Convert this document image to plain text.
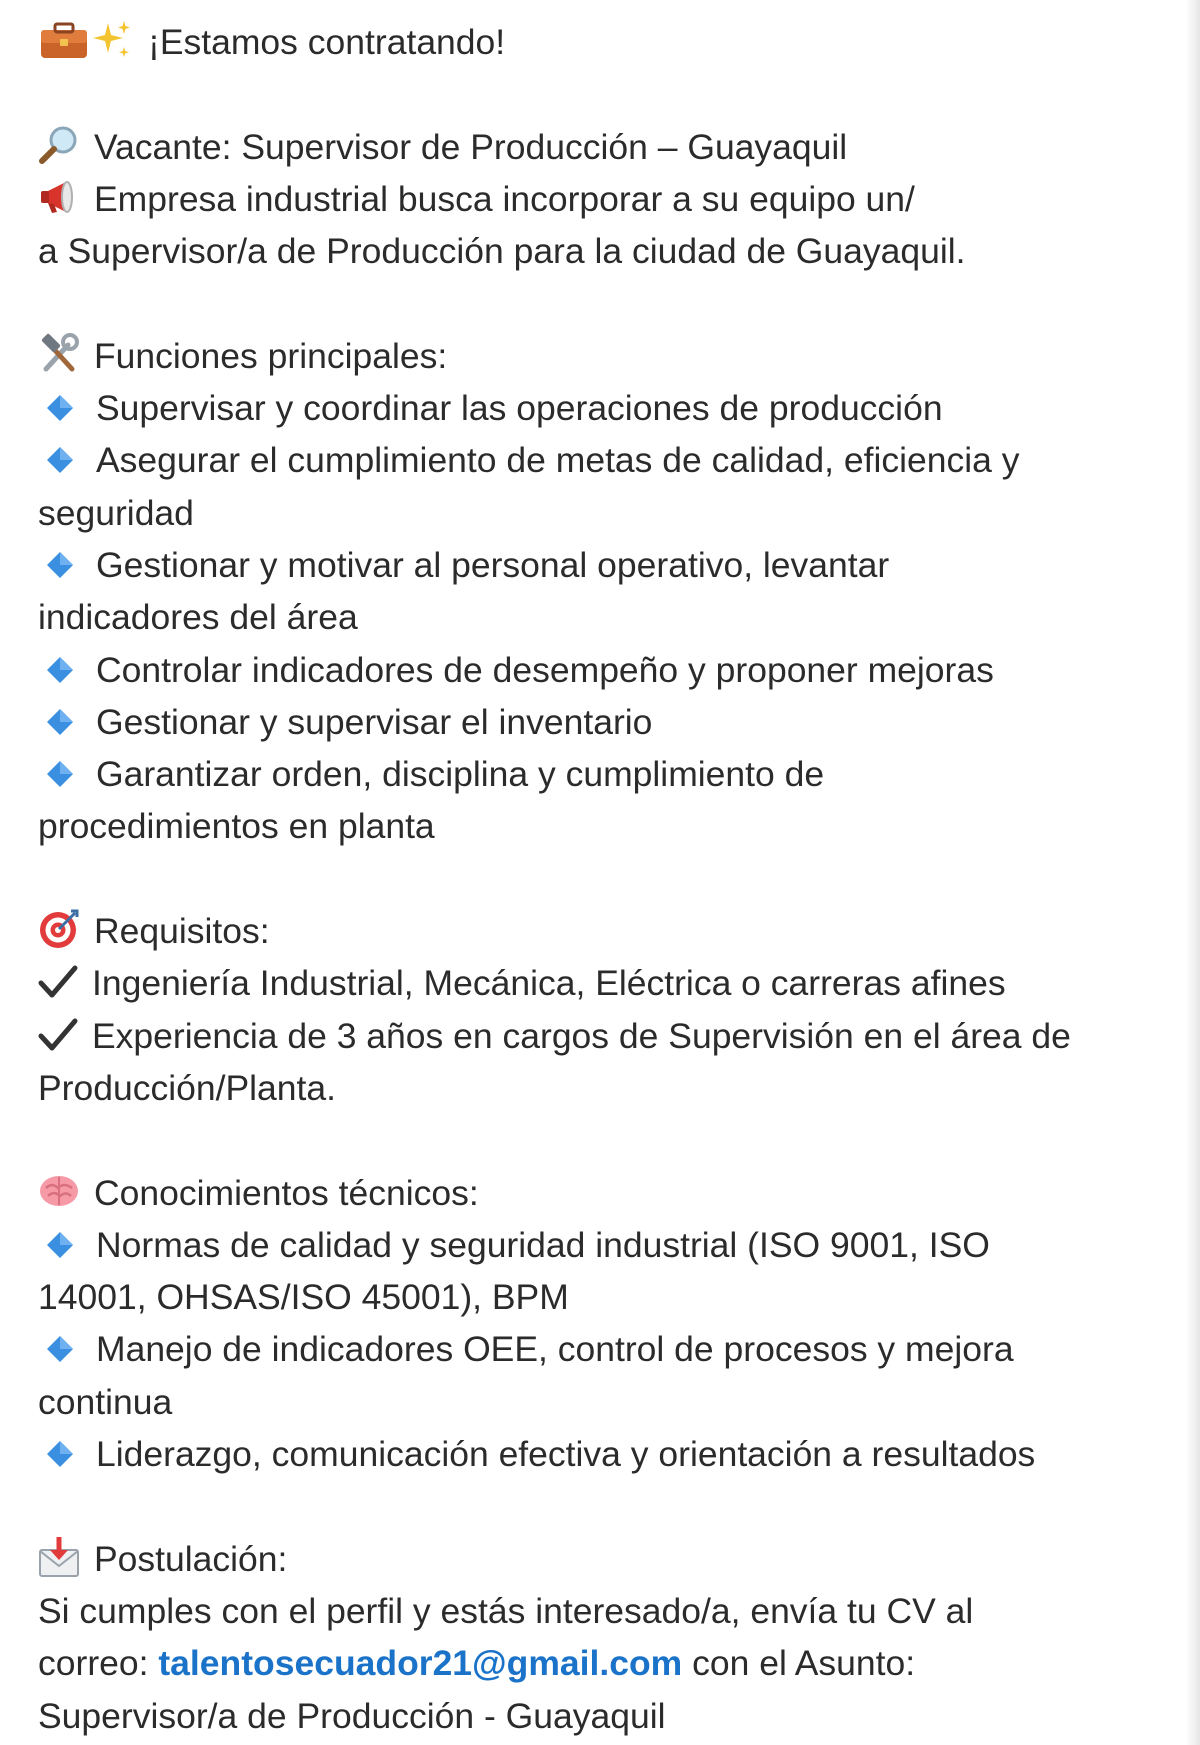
¡Estamos contratando!
Vacante: Supervisor de Producción – Guayaquil
Empresa industrial busca incorporar a su equipo un/
a Supervisor/a de Producción para la ciudad de Guayaquil.
Funciones principales:
Supervisar y coordinar las operaciones de producción
Asegurar el cumplimiento de metas de calidad, eficiencia y
seguridad
Gestionar y motivar al personal operativo, levantar
indicadores del área
Controlar indicadores de desempeño y proponer mejoras
Gestionar y supervisar el inventario
Garantizar orden, disciplina y cumplimiento de
procedimientos en planta
Requisitos:
Ingeniería Industrial, Mecánica, Eléctrica o carreras afines
Experiencia de 3 años en cargos de Supervisión en el área de
Producción/Planta.
Conocimientos técnicos:
Normas de calidad y seguridad industrial (ISO 9001, ISO
14001, OHSAS/ISO 45001), BPM
Manejo de indicadores OEE, control de procesos y mejora
continua
Liderazgo, comunicación efectiva y orientación a resultados
Postulación:
Si cumples con el perfil y estás interesado/a, envía tu CV al
correo: talentosecuador21@gmail.com con el Asunto:
Supervisor/a de Producción - Guayaquil
